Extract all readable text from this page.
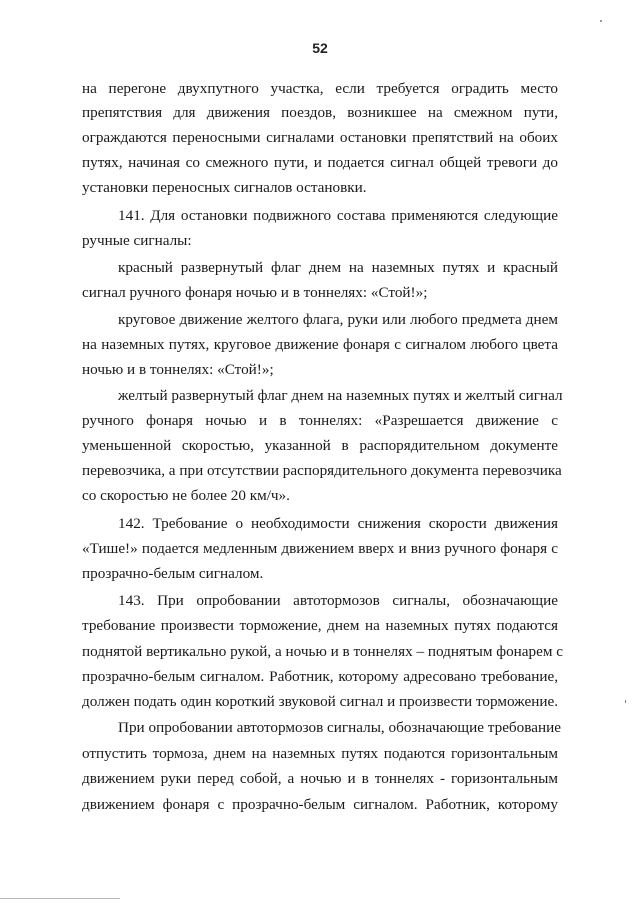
52
на перегоне двухпутного участка, если требуется оградить место
препятствия для движения поездов, возникшее на смежном пути,
ограждаются переносными сигналами остановки препятствий на обоих
путях, начиная со смежного пути, и подается сигнал общей тревоги до
установки переносных сигналов остановки.
141. Для остановки подвижного состава применяются следующие
ручные сигналы:
красный развернутый флаг днем на наземных путях и красный
сигнал ручного фонаря ночью и в тоннелях: «Стой!»;
круговое движение желтого флага, руки или любого предмета днем
на наземных путях, круговое движение фонаря с сигналом любого цвета
ночью и в тоннелях: «Стой!»;
желтый развернутый флаг днем на наземных путях и желтый сигнал
ручного фонаря ночью и в тоннелях: «Разрешается движение с
уменьшенной скоростью, указанной в распорядительном документе
перевозчика, а при отсутствии распорядительного документа перевозчика
со скоростью не более 20 км/ч».
142. Требование о необходимости снижения скорости движения
«Тише!» подается медленным движением вверх и вниз ручного фонаря с
прозрачно-белым сигналом.
143. При опробовании автотормозов сигналы, обозначающие
требование произвести торможение, днем на наземных путях подаются
поднятой вертикально рукой, а ночью и в тоннелях – поднятым фонарем с
прозрачно-белым сигналом. Работник, которому адресовано требование,
должен подать один короткий звуковой сигнал и произвести торможение.
При опробовании автотормозов сигналы, обозначающие требование
отпустить тормоза, днем на наземных путях подаются горизонтальным
движением руки перед собой, а ночью и в тоннелях - горизонтальным
движением фонаря с прозрачно-белым сигналом. Работник, которому
